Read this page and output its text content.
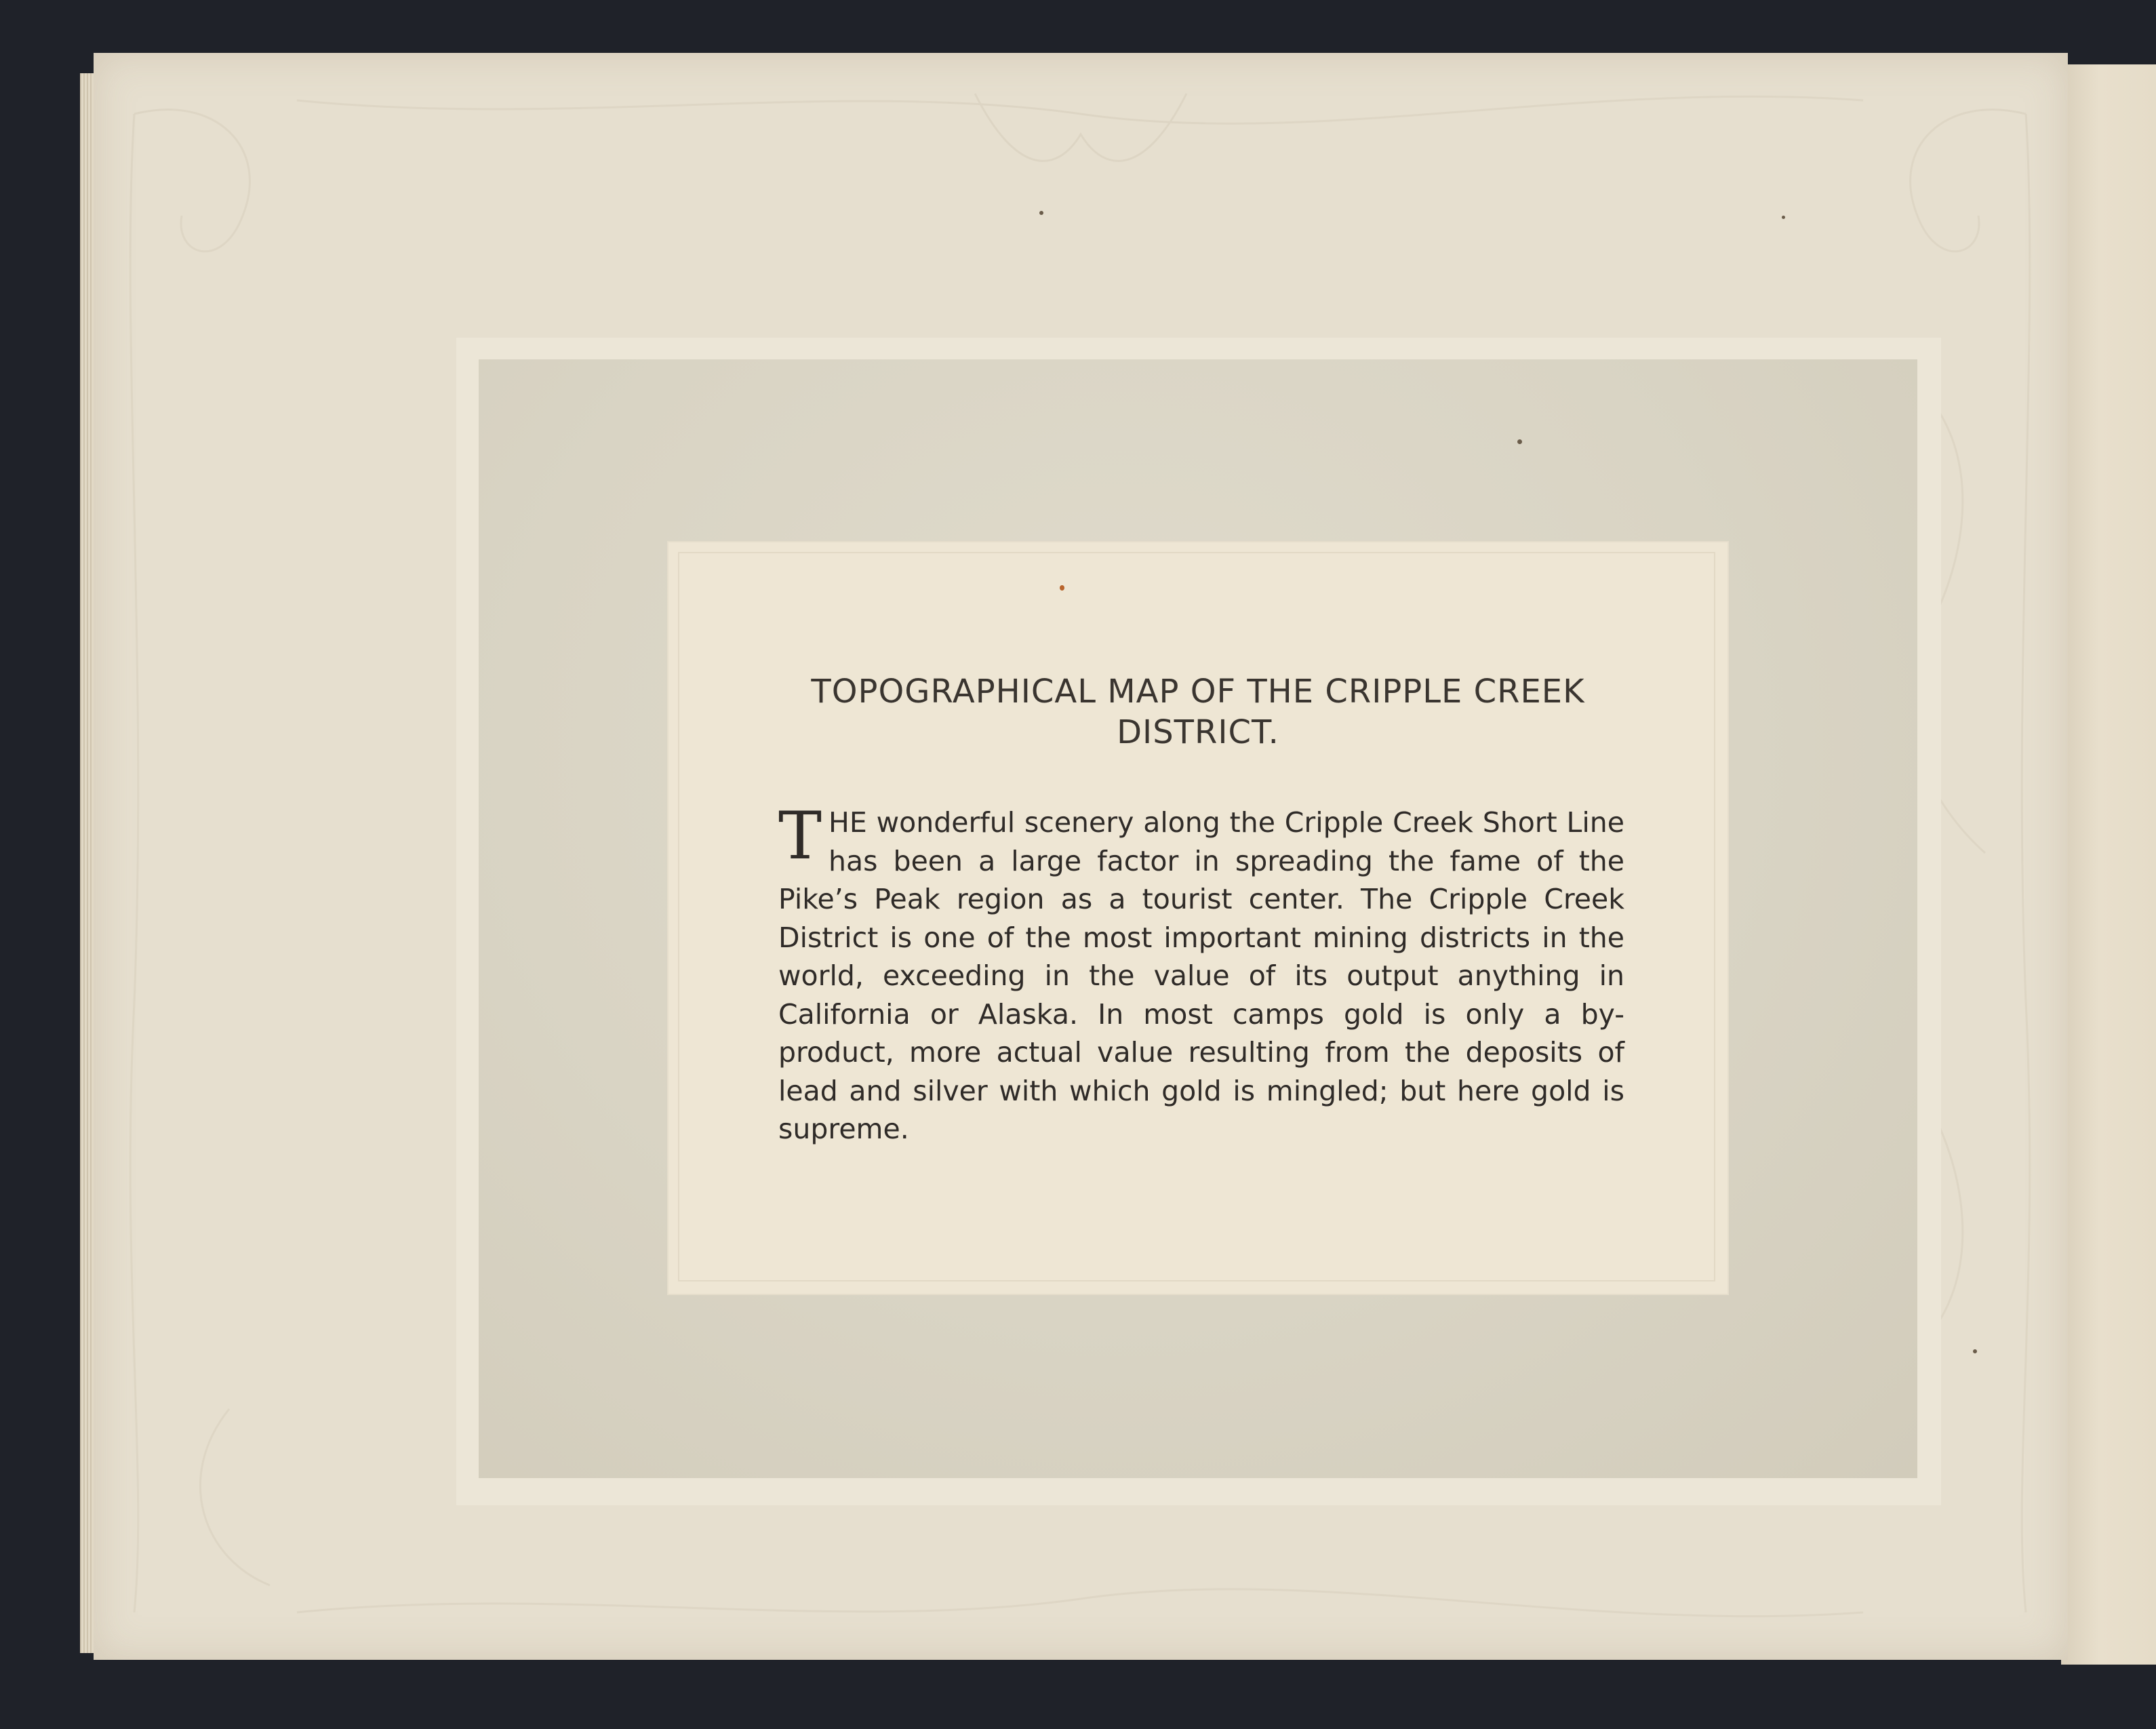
TOPOGRAPHICAL MAP OF THE CRIPPLE CREEK DISTRICT.

THE wonderful scenery along the Cripple Creek Short Line has been a large factor in spreading the fame of the Pike’s Peak region as a tourist center. The Cripple Creek District is one of the most important mining districts in the world, exceeding in the value of its output anything in California or Alaska. In most camps gold is only a by-product, more actual value resulting from the deposits of lead and silver with which gold is mingled; but here gold is supreme.
